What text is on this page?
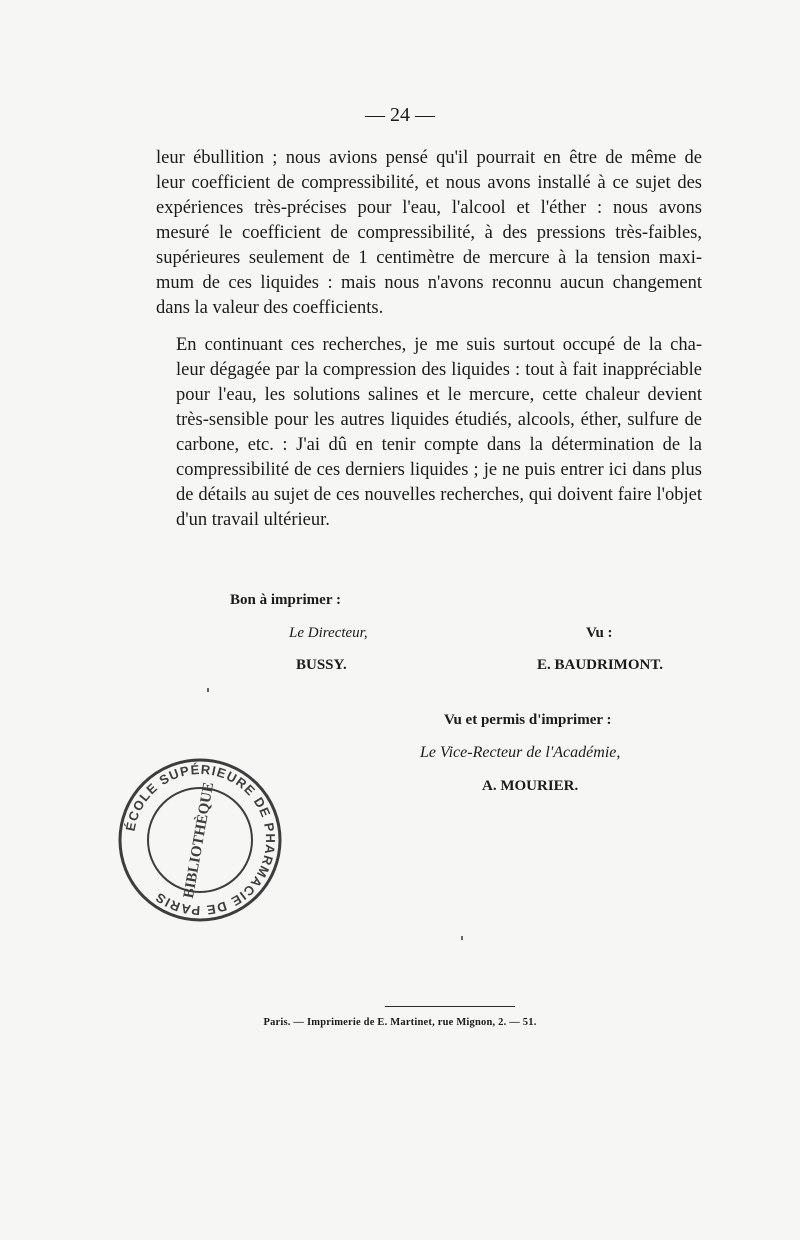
— 24 —

leur ébullition ; nous avions pensé qu'il pourrait en être de même de
leur coefficient de compressibilité, et nous avons installé à ce sujet des
expériences très-précises pour l'eau, l'alcool et l'éther : nous avons
mesuré le coefficient de compressibilité, à des pressions très-faibles,
supérieures seulement de 1 centimètre de mercure à la tension maxi-
mum de ces liquides : mais nous n'avons reconnu aucun changement
dans la valeur des coefficients.

En continuant ces recherches, je me suis surtout occupé de la cha-
leur dégagée par la compression des liquides : tout à fait inappréciable
pour l'eau, les solutions salines et le mercure, cette chaleur devient
très-sensible pour les autres liquides étudiés, alcools, éther, sulfure de
carbone, etc. : J'ai dû en tenir compte dans la détermination de la
compressibilité de ces derniers liquides ; je ne puis entrer ici dans plus
de détails au sujet de ces nouvelles recherches, qui doivent faire l'objet
d'un travail ultérieur.

Bon à imprimer :
Le Directeur,
BUSSY.
Vu :
E. BAUDRIMONT.
Vu et permis d'imprimer :
Le Vice-Recteur de l'Académie,
A. MOURIER.
ÉCOLE SUPÉRIEURE DE PHARMACIE DE PARIS BIBLIOTHÈQUE
Paris. — Imprimerie de E. Martinet, rue Mignon, 2. — 51.
